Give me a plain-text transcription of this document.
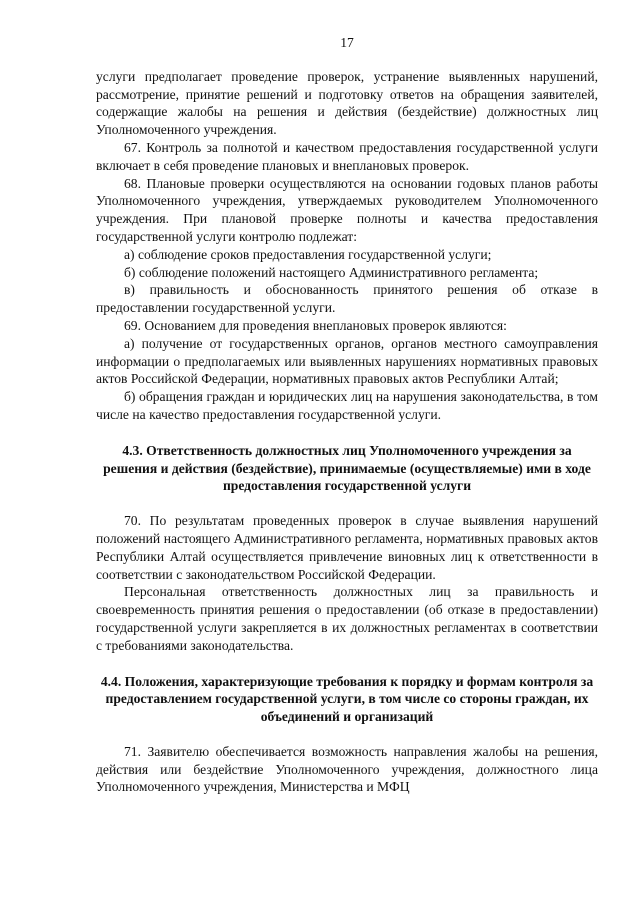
17

услуги предполагает проведение проверок, устранение выявленных нарушений, рассмотрение, принятие решений и подготовку ответов на обращения заявителей, содержащие жалобы на решения и действия (бездействие) должностных лиц Уполномоченного учреждения.

67. Контроль за полнотой и качеством предоставления государственной услуги включает в себя проведение плановых и внеплановых проверок.

68. Плановые проверки осуществляются на основании годовых планов работы Уполномоченного учреждения, утверждаемых руководителем Уполномоченного учреждения. При плановой проверке полноты и качества предоставления государственной услуги контролю подлежат:

а) соблюдение сроков предоставления государственной услуги;

б) соблюдение положений настоящего Административного регламента;

в) правильность и обоснованность принятого решения об отказе в предоставлении государственной услуги.

69. Основанием для проведения внеплановых проверок являются:

а) получение от государственных органов, органов местного самоуправления информации о предполагаемых или выявленных нарушениях нормативных правовых актов Российской Федерации, нормативных правовых актов Республики Алтай;

б) обращения граждан и юридических лиц на нарушения законодательства, в том числе на качество предоставления государственной услуги.

4.3. Ответственность должностных лиц Уполномоченного учреждения за решения и действия (бездействие), принимаемые (осуществляемые) ими в ходе предоставления государственной услуги

70. По результатам проведенных проверок в случае выявления нарушений положений настоящего Административного регламента, нормативных правовых актов Республики Алтай осуществляется привлечение виновных лиц к ответственности в соответствии с законодательством Российской Федерации.

Персональная ответственность должностных лиц за правильность и своевременность принятия решения о предоставлении (об отказе в предоставлении) государственной услуги закрепляется в их должностных регламентах в соответствии с требованиями законодательства.

4.4. Положения, характеризующие требования к порядку и формам контроля за предоставлением государственной услуги, в том числе со стороны граждан, их объединений и организаций

71. Заявителю обеспечивается возможность направления жалобы на решения, действия или бездействие Уполномоченного учреждения, должностного лица Уполномоченного учреждения, Министерства и МФЦ
